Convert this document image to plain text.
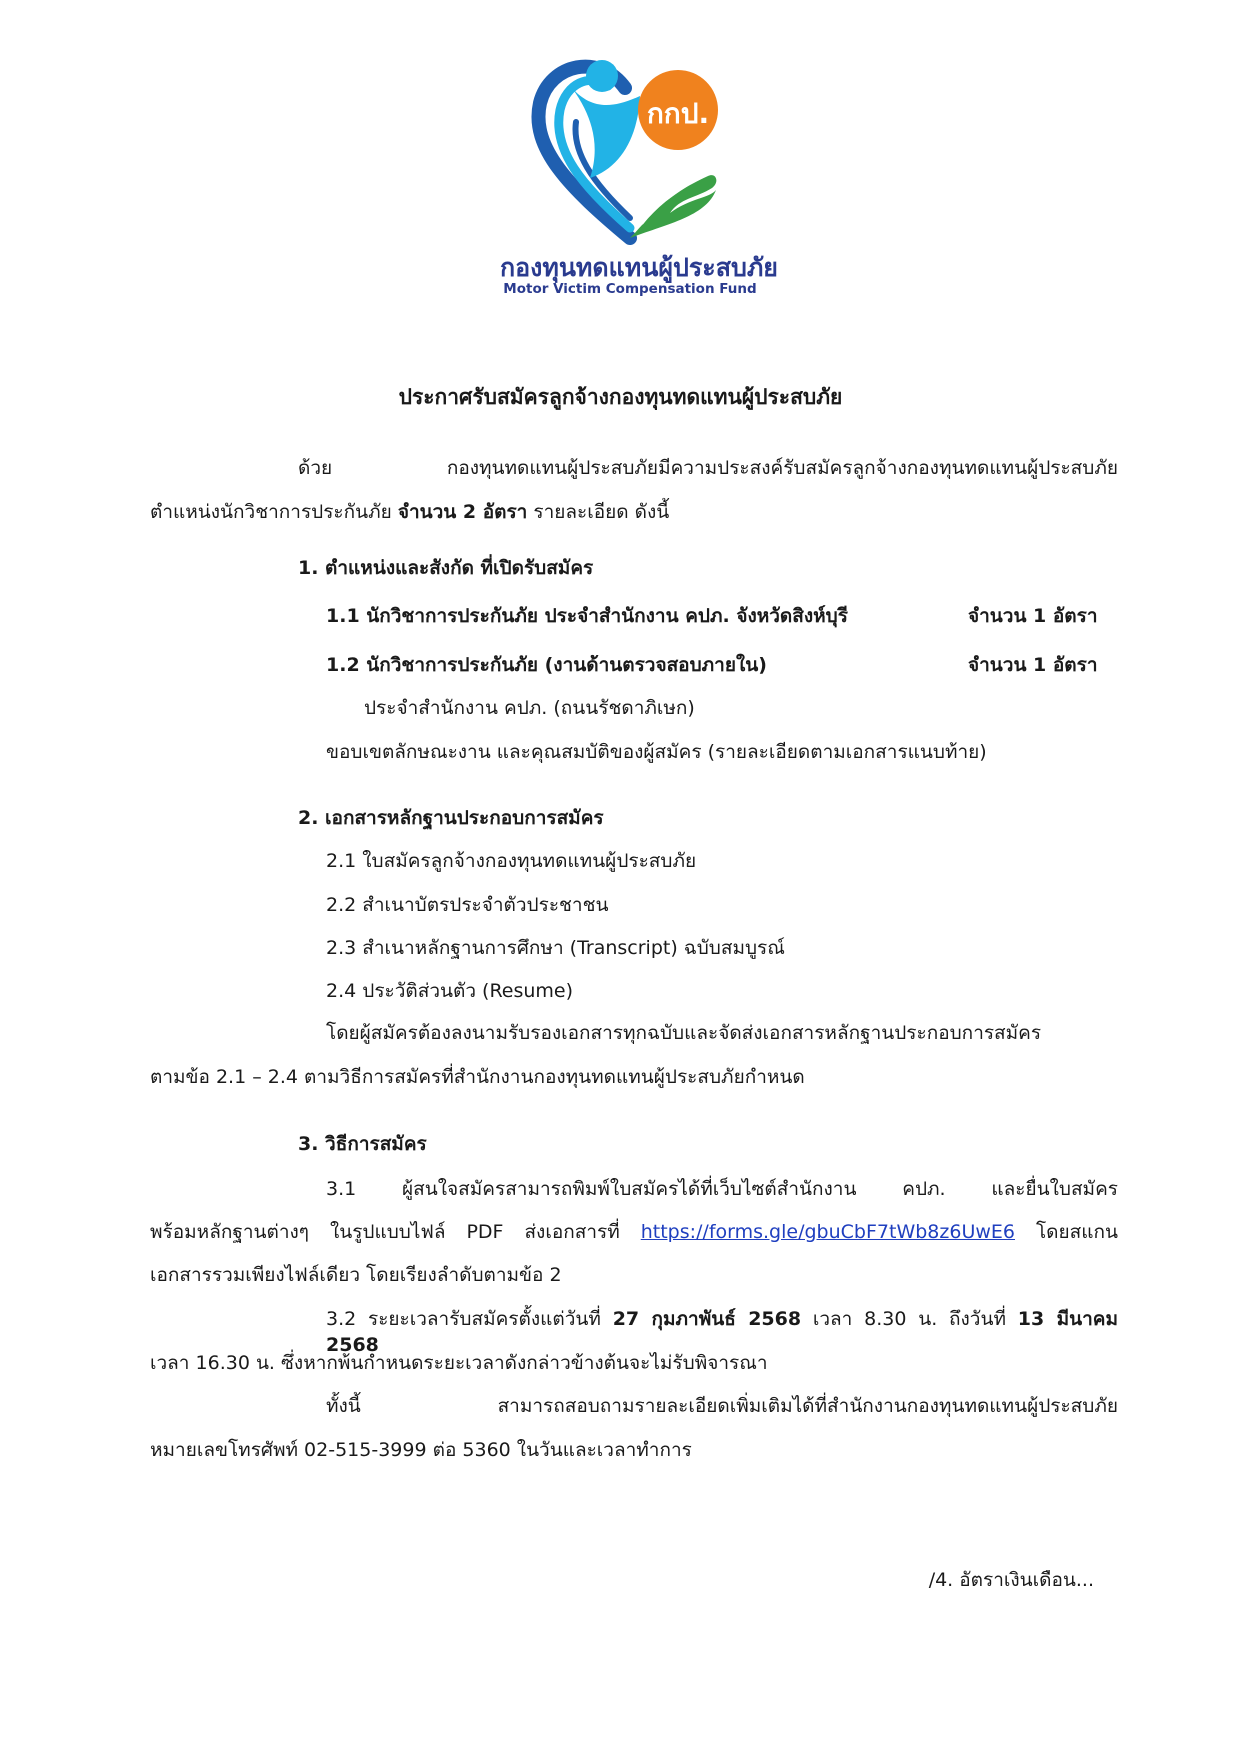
กกป.
กองทุนทดแทนผู้ประสบภัย
Motor Victim Compensation Fund
ประกาศรับสมัครลูกจ้างกองทุนทดแทนผู้ประสบภัย
ด้วย กองทุนทดแทนผู้ประสบภัยมีความประสงค์รับสมัครลูกจ้างกองทุนทดแทนผู้ประสบภัย
ตำแหน่งนักวิชาการประกันภัย จำนวน 2 อัตรา รายละเอียด ดังนี้
1. ตำแหน่งและสังกัด ที่เปิดรับสมัคร
1.1 นักวิชาการประกันภัย ประจำสำนักงาน คปภ. จังหวัดสิงห์บุรี	จำนวน 1 อัตรา
1.2 นักวิชาการประกันภัย (งานด้านตรวจสอบภายใน)	จำนวน 1 อัตรา
ประจำสำนักงาน คปภ. (ถนนรัชดาภิเษก)
ขอบเขตลักษณะงาน และคุณสมบัติของผู้สมัคร (รายละเอียดตามเอกสารแนบท้าย)
2. เอกสารหลักฐานประกอบการสมัคร
2.1 ใบสมัครลูกจ้างกองทุนทดแทนผู้ประสบภัย
2.2 สำเนาบัตรประจำตัวประชาชน
2.3 สำเนาหลักฐานการศึกษา (Transcript) ฉบับสมบูรณ์
2.4 ประวัติส่วนตัว (Resume)
โดยผู้สมัครต้องลงนามรับรองเอกสารทุกฉบับและจัดส่งเอกสารหลักฐานประกอบการสมัคร
ตามข้อ 2.1 – 2.4 ตามวิธีการสมัครที่สำนักงานกองทุนทดแทนผู้ประสบภัยกำหนด
3. วิธีการสมัคร
3.1 ผู้สนใจสมัครสามารถพิมพ์ใบสมัครได้ที่เว็บไซต์สำนักงาน คปภ. และยื่นใบสมัคร
พร้อมหลักฐานต่างๆ ในรูปแบบไฟล์ PDF ส่งเอกสารที่ https://forms.gle/gbuCbF7tWb8z6UwE6 โดยสแกน
เอกสารรวมเพียงไฟล์เดียว โดยเรียงลำดับตามข้อ 2
3.2 ระยะเวลารับสมัครตั้งแต่วันที่ 27 กุมภาพันธ์ 2568 เวลา 8.30 น. ถึงวันที่ 13 มีนาคม 2568
เวลา 16.30 น. ซึ่งหากพ้นกำหนดระยะเวลาดังกล่าวข้างต้นจะไม่รับพิจารณา
ทั้งนี้ สามารถสอบถามรายละเอียดเพิ่มเติมได้ที่สำนักงานกองทุนทดแทนผู้ประสบภัย
หมายเลขโทรศัพท์ 02-515-3999 ต่อ 5360 ในวันและเวลาทำการ
/4. อัตราเงินเดือน...
